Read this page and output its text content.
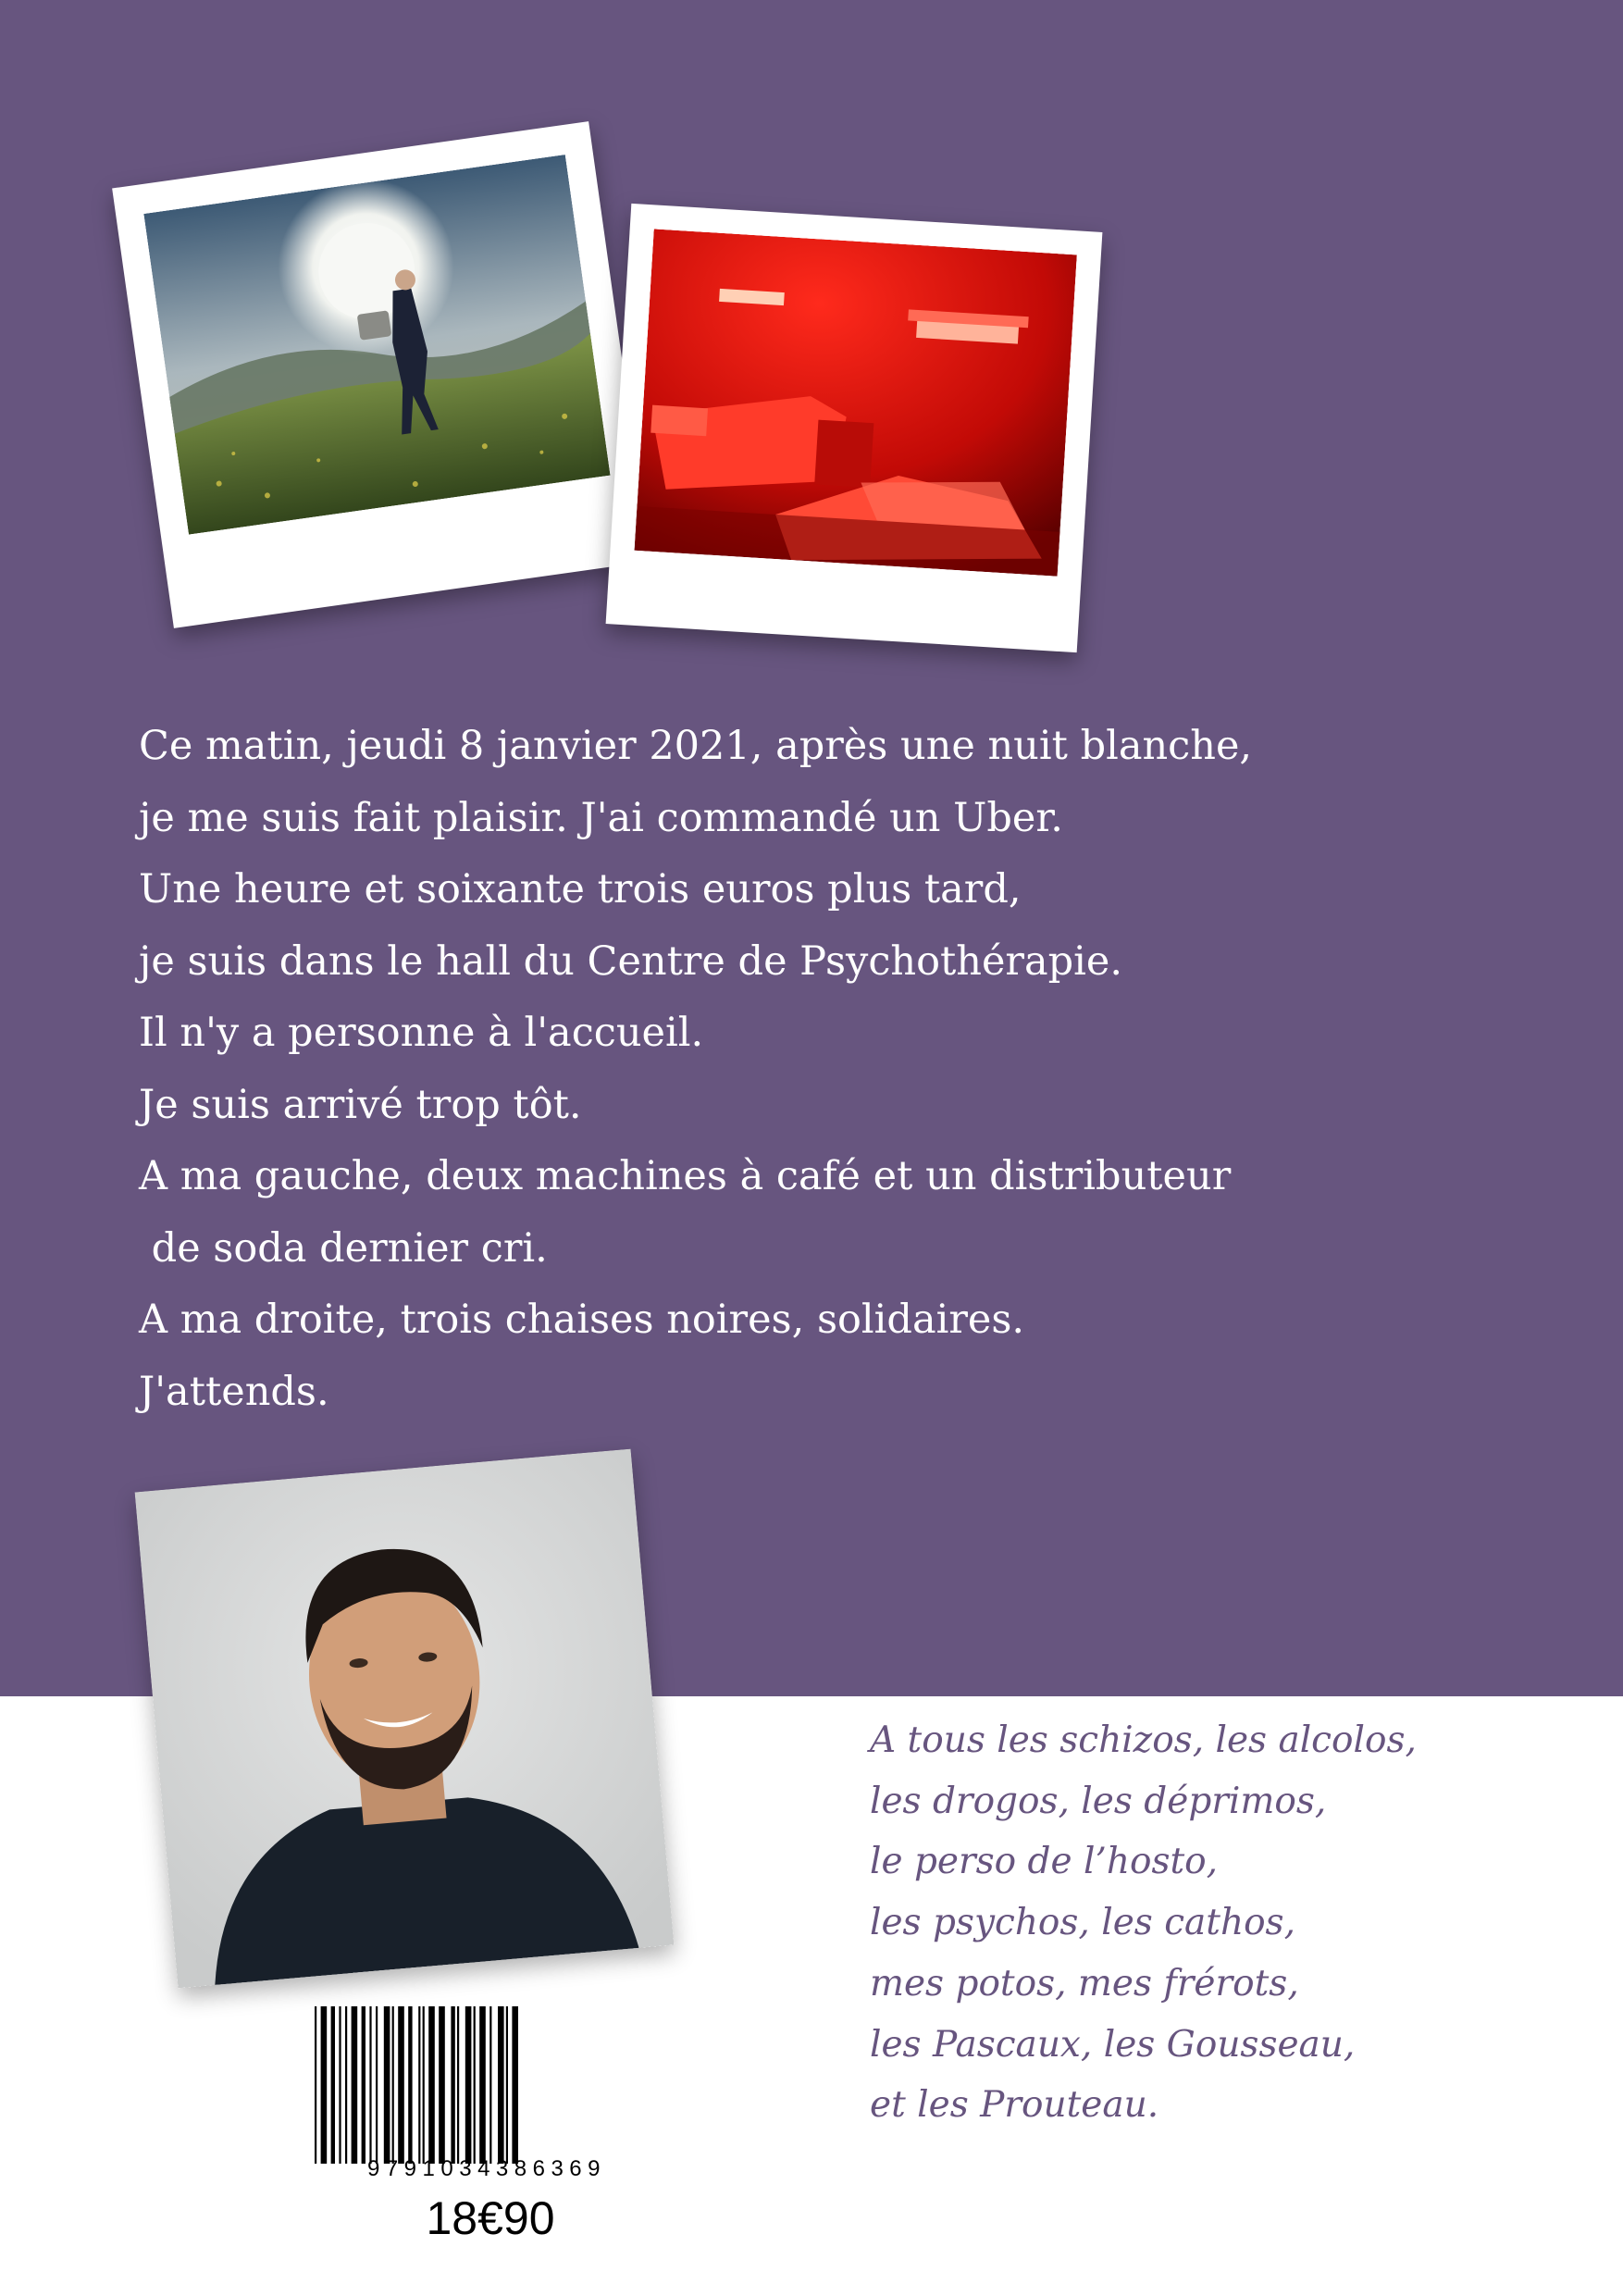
Ce matin, jeudi 8 janvier 2021, après une nuit blanche,
je me suis fait plaisir. J'ai commandé un Uber.
Une heure et soixante trois euros plus tard,
je suis dans le hall du Centre de Psychothérapie.
Il n'y a personne à l'accueil.
Je suis arrivé trop tôt.
A ma gauche, deux machines à café et un distributeur
de soda dernier cri.
A ma droite, trois chaises noires, solidaires.
J'attends.
A tous les schizos, les alcolos,
les drogos, les déprimos,
le perso de l’hosto,
les psychos, les cathos,
mes potos, mes frérots,
les Pascaux, les Gousseau,
et les Prouteau.
9791034386369
18€90
